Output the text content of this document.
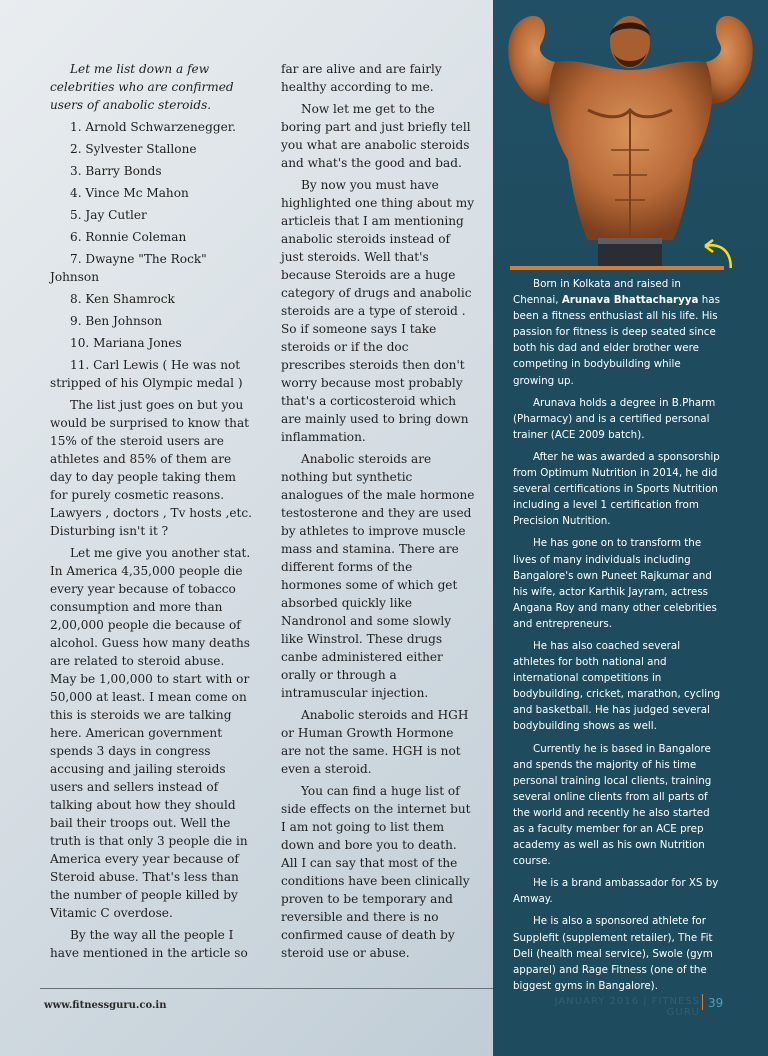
Let me list down a few celebrities who are confirmed users of anabolic steroids.

1. Arnold Schwarzenegger.

2. Sylvester Stallone

3. Barry Bonds

4. Vince Mc Mahon

5. Jay Cutler

6. Ronnie Coleman

7. Dwayne "The Rock" Johnson

8. Ken Shamrock

9. Ben Johnson

10. Mariana Jones

11. Carl Lewis ( He was not stripped of his Olympic medal )

The list just goes on but you would be surprised to know that 15% of the steroid users are athletes and 85% of them are day to day people taking them for purely cosmetic reasons. Lawyers , doctors , Tv hosts ,etc. Disturbing isn't it ?

Let me give you another stat. In America 4,35,000 people die every year because of tobacco consumption and more than 2,00,000 people die because of alcohol. Guess how many deaths are related to steroid abuse. May be 1,00,000 to start with or 50,000 at least. I mean come on this is steroids we are talking here. American government spends 3 days in congress accusing and jailing steroids users and sellers instead of talking about how they should bail their troops out. Well the truth is that only 3 people die in America every year because of Steroid abuse. That's less than the number of people killed by Vitamic C overdose.

By the way all the people I have mentioned in the article so

far are alive and are fairly healthy according to me.

Now let me get to the boring part and just briefly tell you what are anabolic steroids and what's the good and bad.

By now you must have highlighted one thing about my articleis that I am mentioning anabolic steroids instead of just steroids. Well that's because Steroids are a huge category of drugs and anabolic steroids are a type of steroid . So if someone says I take steroids or if the doc prescribes steroids then don't worry because most probably that's a corticosteroid which are mainly used to bring down inflammation.

Anabolic steroids are nothing but synthetic analogues of the male hormone testosterone and they are used by athletes to improve muscle mass and stamina. There are different forms of the hormones some of which get absorbed quickly like Nandronol and some slowly like Winstrol. These drugs canbe administered either orally or through a intramuscular injection.

Anabolic steroids and HGH or Human Growth Hormone are not the same. HGH is not even a steroid.

You can find a huge list of side effects on the internet but I am not going to list them down and bore you to death. All I can say that most of the conditions have been clinically proven to be temporary and reversible and there is no confirmed cause of death by steroid use or abuse.

Born in Kolkata and raised in Chennai, Arunava Bhattacharyya has been a fitness enthusiast all his life. His passion for fitness is deep seated since both his dad and elder brother were competing in bodybuilding while growing up.

Arunava holds a degree in B.Pharm (Pharmacy) and is a certified personal trainer (ACE 2009 batch).

After he was awarded a sponsorship from Optimum Nutrition in 2014, he did several certifications in Sports Nutrition including a level 1 certification from Precision Nutrition.

He has gone on to transform the lives of many individuals including Bangalore's own Puneet Rajkumar and his wife, actor Karthik Jayram, actress Angana Roy and many other celebrities and entrepreneurs.

He has also coached several athletes for both national and international competitions in bodybuilding, cricket, marathon, cycling and basketball. He has judged several bodybuilding shows as well.

Currently he is based in Bangalore and spends the majority of his time personal training local clients, training several online clients from all parts of the world and recently he also started as a faculty member for an ACE prep academy as well as his own Nutrition course.

He is a brand ambassador for XS by Amway.

He is also a sponsored athlete for Supplefit (supplement retailer), The Fit Deli (health meal service), Swole (gym apparel) and Rage Fitness (one of the biggest gyms in Bangalore).

www.fitnessguru.co.in	JANUARY 2016 | FITNESS GURU
39
